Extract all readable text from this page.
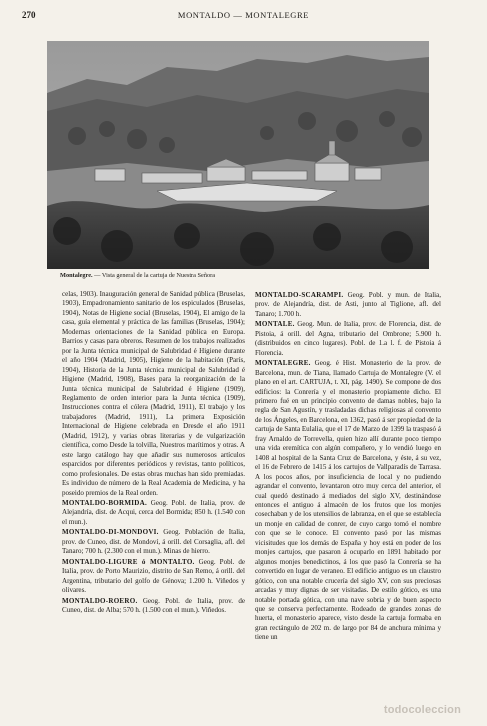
270	MONTALDO — MONTALEGRE
Montalegre. — Vista general de la cartuja de Nuestra Señora

celas, 1903). Inauguración general de Sanidad pública (Bruselas, 1903), Empadronamiento sanitario de los espiculados (Bruselas, 1904), Notas de Higiene social (Bruselas, 1904), El amigo de la casa, guía elemental y práctica de las familias (Bruselas, 1904); Modernas orientaciones de la Sanidad pública en Europa. Barrios y casas para obreros. Resumen de los trabajos realizados por la Junta técnica municipal de Salubridad é Higiene durante el año 1904 (Madrid, 1905), Higiene de la habitación (París, 1904), Historia de la Junta técnica municipal de Salubridad é Higiene (Madrid, 1908), Bases para la reorganización de la Junta técnica municipal de Salubridad é Higiene (1909), Reglamento de orden interior para la Junta técnica (1909), Instrucciones contra el cólera (Madrid, 1911), El trabajo y los trabajadores (Madrid, 1911), La primera Exposición Internacional de Higiene celebrada en Dresde el año 1911 (Madrid, 1912), y varias obras literarias y de vulgarización científica, como Desde la tolvilla, Nuestros marítimos y otras. A este largo catálogo hay que añadir sus numerosos artículos esparcidos por diferentes periódicos y revistas, tanto políticos, como profesionales. De estas obras muchas han sido premiadas. Es individuo de número de la Real Academia de Medicina, y ha poseido premios de la Real orden.

MONTALDO-BORMIDA. Geog. Pobl. de Italia, prov. de Alejandría, dist. de Acqui, cerca del Bormida; 850 h. (1.540 con el mun.).

MONTALDO-DI-MONDOVI. Geog. Población de Italia, prov. de Cuneo, dist. de Mondoví, á orill. del Corsaglia, afl. del Tanaro; 700 h. (2.300 con el mun.). Minas de hierro.

MONTALDO-LIGURE ó MONTALTO. Geog. Pobl. de Italia, prov. de Porto Maurizio, distrito de San Remo, á orill. del Argentina, tributario del golfo de Génova; 1.200 h. Viñedos y olivares.

MONTALDO-ROERO. Geog. Pobl. de Italia, prov. de Cuneo, dist. de Alba; 570 h. (1.500 con el mun.). Viñedos.

MONTALDO-SCARAMPI. Geog. Pobl. y mun. de Italia, prov. de Alejandría, dist. de Asti, junto al Tiglione, afl. del Tanaro; 1.700 h.

MONTALE. Geog. Mun. de Italia, prov. de Florencia, dist. de Pistoia, á orill. del Agna, tributario del Ombrone; 5.900 h. (distribuidos en cinco lugares). Pobl. de 1.a l. f. de Pistoia á Florencia.

MONTALEGRE. Geog. é Hist. Monasterio de la prov. de Barcelona, mun. de Tiana, llamado Cartuja de Montalegre (V. el plano en el art. CARTUJA, t. XI, pág. 1490). Se compone de dos edificios: la Conrería y el monasterio propiamente dicho. El primero fué en un principio convento de damas nobles, bajo la regla de San Agustín, y trasladadas dichas religiosas al convento de los Ángeles, en Barcelona, en 1362, pasó á ser propiedad de la cartuja de Santa Eulalia, que el 17 de Marzo de 1399 la traspasó á fray Arnaldo de Torrevella, quien hizo allí durante poco tiempo una vida eremítica con algún compañero, y lo vendió luego en 1408 al hospital de la Santa Cruz de Barcelona, y éste, á su vez, el 16 de Febrero de 1415 á los cartujos de Vallparadís de Tarrasa. A los pocos años, por insuficiencia de local y no pudiendo agrandar el convento, levantaron otro muy cerca del anterior, el cual quedó destinado á mediados del siglo XV, destinándose entonces el antiguo á almacén de los frutos que los monjes cosechaban y de los utensilios de labranza, en el que se establecía un monje en calidad de conrer, de cuyo cargo tomó el nombre con que se le conoce. El convento pasó por las mismas vicisitudes que los demás de España y hoy está en poder de los monjes cartujos, que pasaron á ocuparlo en 1891 habitado por algunos monjes benedictinos, á los que pasó la Conrería se ha convertido en lugar de veraneo. El edificio antiguo es un claustro gótico, con una notable crucería del siglo XV, con sus preciosas arcadas y muy dignas de ser visitadas. De estilo gótico, es una notable portada gótica, con una nave sobria y de buen aspecto que se conserva perfectamente. Rodeado de grandes zonas de huerta, el monasterio aparece, visto desde la cartuja formaba en gran rectángulo de 202 m. de largo por 84 de anchura mínima y tiene un

todocoleccion
